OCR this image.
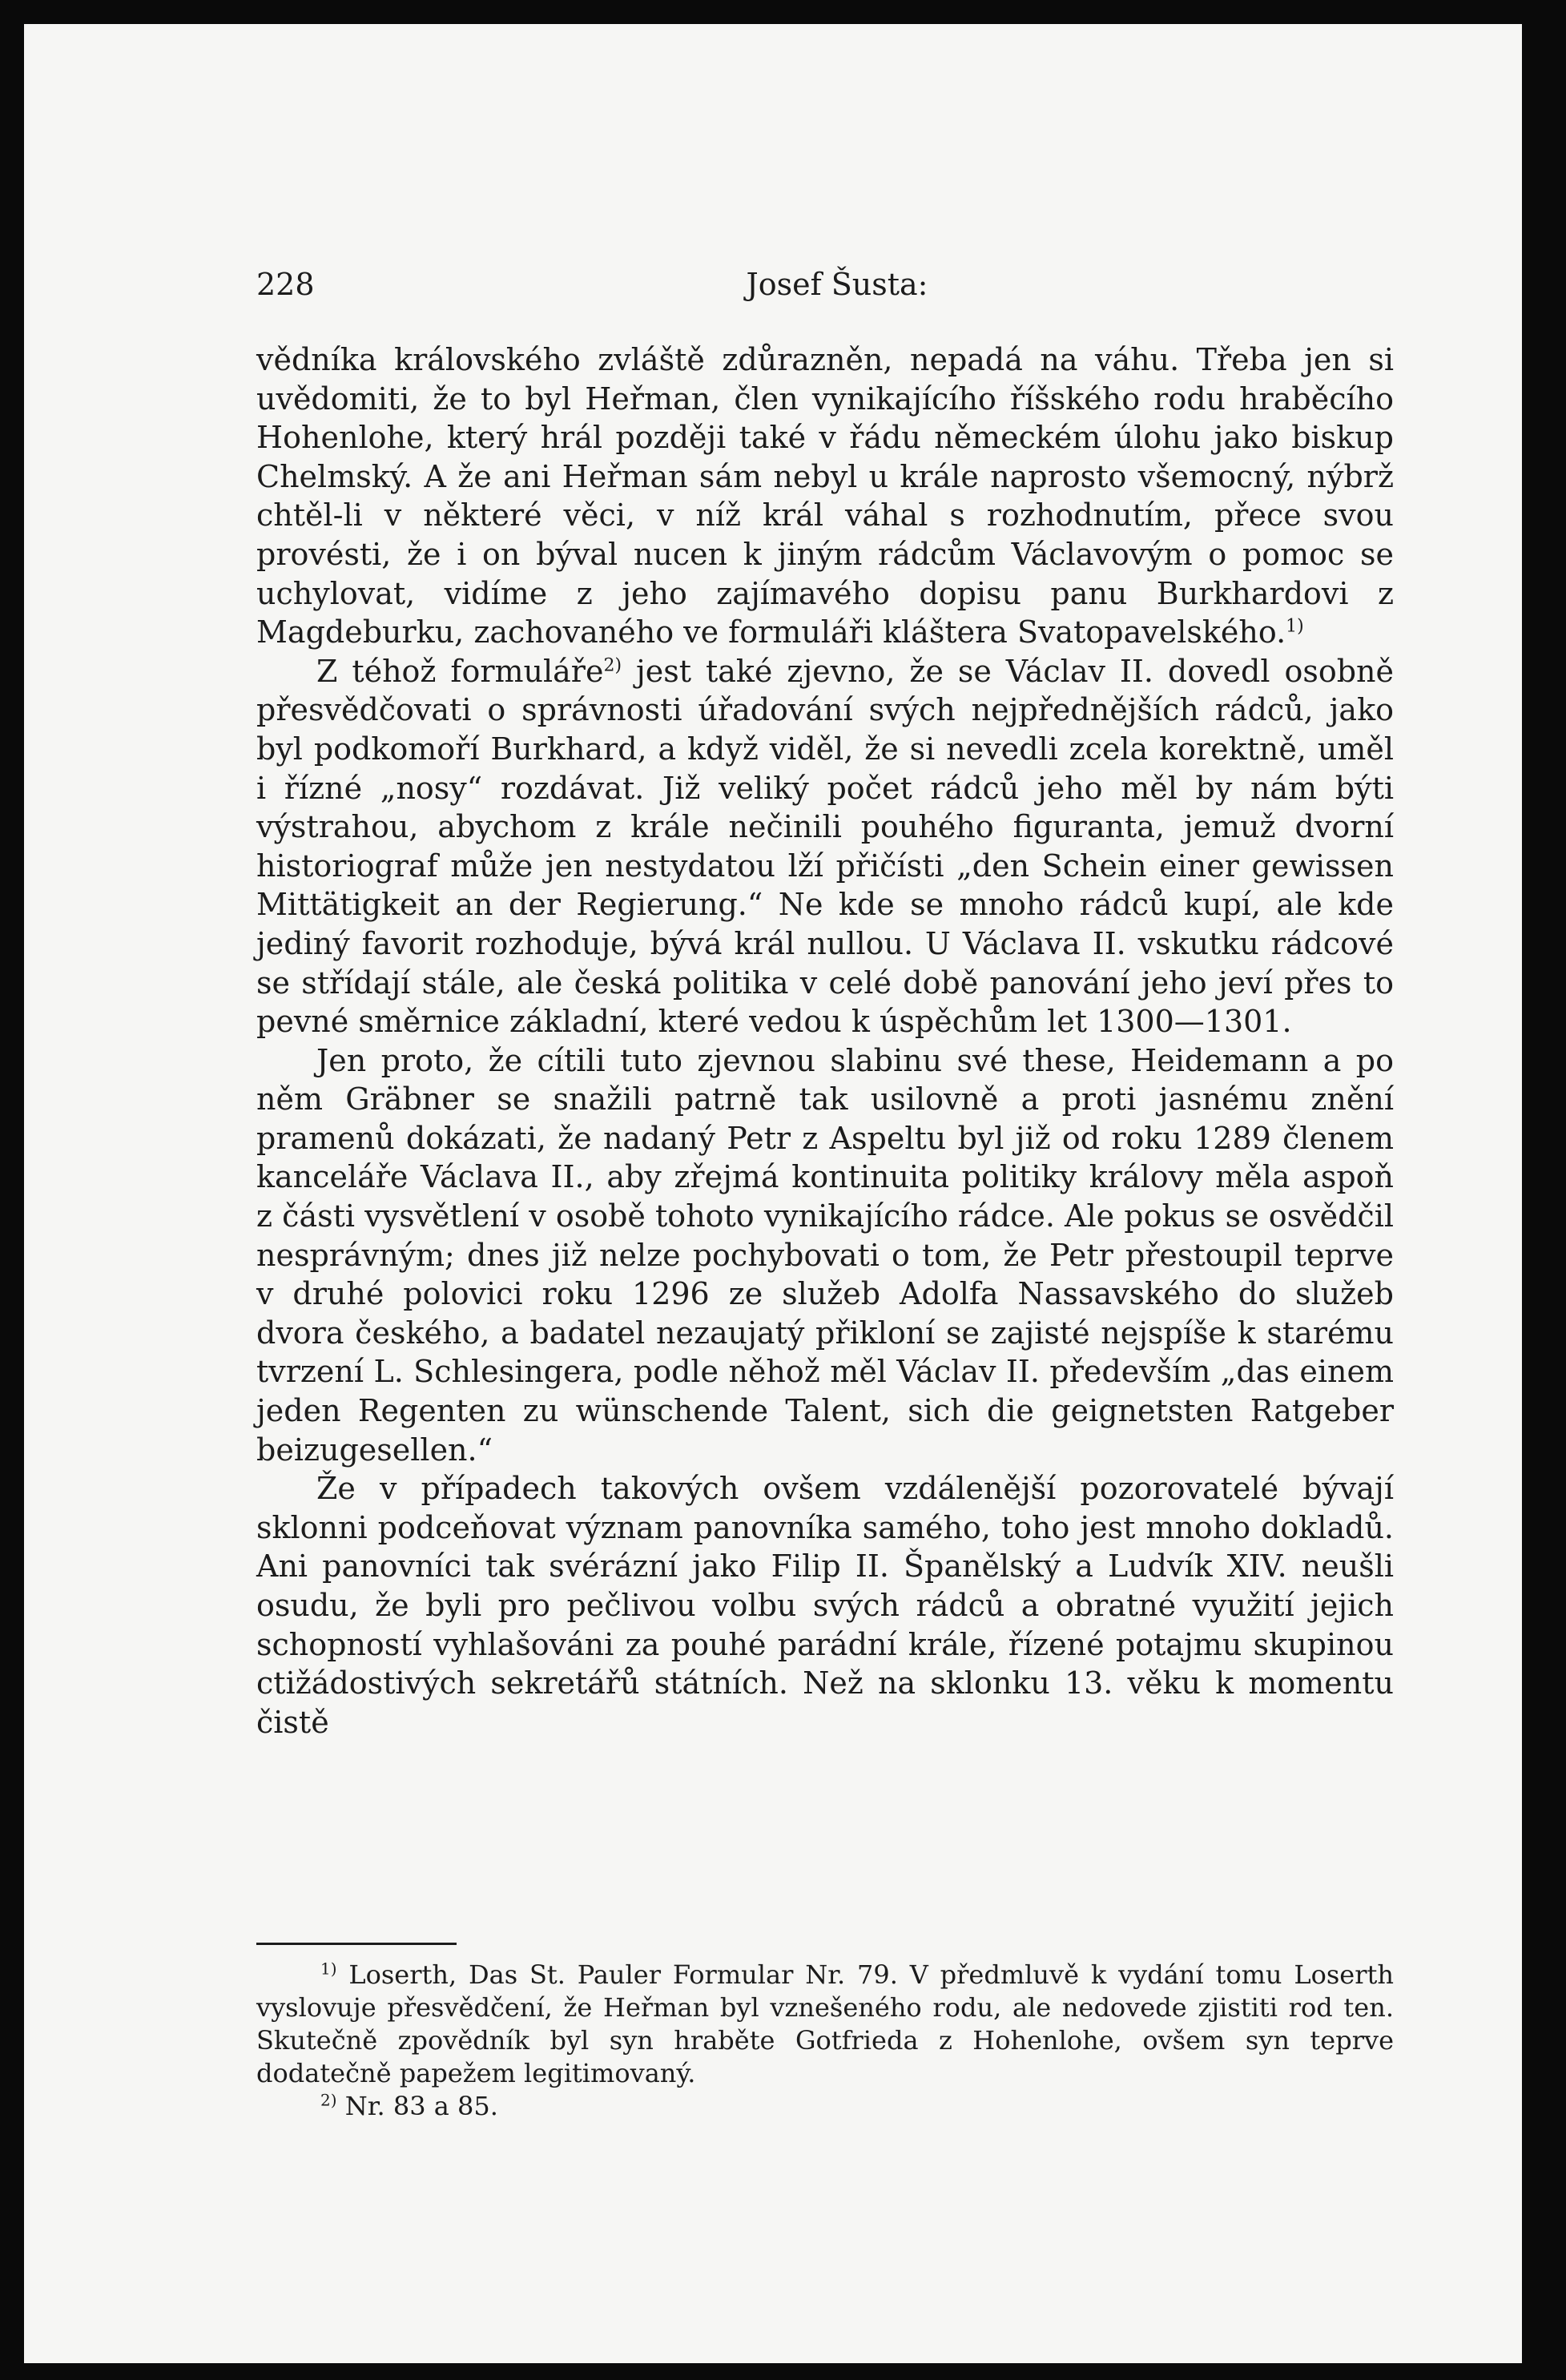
228	Josef Šusta:

vědníka královského zvláště zdůrazněn, nepadá na váhu. Třeba jen si uvědomiti, že to byl Heřman, člen vynikajícího říšského rodu hraběcího Hohenlohe, který hrál později také v řádu německém úlohu jako biskup Chelmský. A že ani Heřman sám nebyl u krále naprosto všemocný, nýbrž chtěl-li v některé věci, v níž král váhal s rozhodnutím, přece svou provésti, že i on býval nucen k jiným rádcům Václavovým o pomoc se uchylovat, vidíme z jeho zajímavého dopisu panu Burkhardovi z Magdeburku, zachovaného ve formuláři kláštera Svatopavelského.$^{1)}$

Z téhož formuláře$^{2)}$ jest také zjevno, že se Václav II. dovedl osobně přesvědčovati o správnosti úřadování svých nejpřednějších rádců, jako byl podkomoří Burkhard, a když viděl, že si nevedli zcela korektně, uměl i řízné „nosy“ rozdávat. Již veliký počet rádců jeho měl by nám býti výstrahou, abychom z krále nečinili pouhého figuranta, jemuž dvorní historiograf může jen nestydatou lží přičísti „den Schein einer gewissen Mittätigkeit an der Regierung.“ Ne kde se mnoho rádců kupí, ale kde jediný favorit rozhoduje, bývá král nullou. U Václava II. vskutku rádcové se střídají stále, ale česká politika v celé době panování jeho jeví přes to pevné směrnice základní, které vedou k úspěchům let 1300—1301.

Jen proto, že cítili tuto zjevnou slabinu své these, Heidemann a po něm Gräbner se snažili patrně tak usilovně a proti jasnému znění pramenů dokázati, že nadaný Petr z Aspeltu byl již od roku 1289 členem kanceláře Václava II., aby zřejmá kontinuita politiky královy měla aspoň z části vysvětlení v osobě tohoto vynikajícího rádce. Ale pokus se osvědčil nesprávným; dnes již nelze pochybovati o tom, že Petr přestoupil teprve v druhé polovici roku 1296 ze služeb Adolfa Nassavského do služeb dvora českého, a badatel nezaujatý přikloní se zajisté nejspíše k starému tvrzení L. Schlesingera, podle něhož měl Václav II. především „das einem jeden Regenten zu wünschende Talent, sich die geignetsten Ratgeber beizugesellen.“

Že v případech takových ovšem vzdálenější pozorovatelé bývají sklonni podceňovat význam panovníka samého, toho jest mnoho dokladů. Ani panovníci tak svérázní jako Filip II. Španělský a Ludvík XIV. neušli osudu, že byli pro pečlivou volbu svých rádců a obratné využití jejich schopností vyhlašováni za pouhé parádní krále, řízené potajmu skupinou ctižádostivých sekretářů státních. Než na sklonku 13. věku k momentu čistě

$^{1)}$ Loserth, Das St. Pauler Formular Nr. 79. V předmluvě k vydání tomu Loserth vyslovuje přesvědčení, že Heřman byl vznešeného rodu, ale nedovede zjistiti rod ten. Skutečně zpovědník byl syn hraběte Gotfrieda z Hohenlohe, ovšem syn teprve dodatečně papežem legitimovaný.

$^{2)}$ Nr. 83 a 85.
